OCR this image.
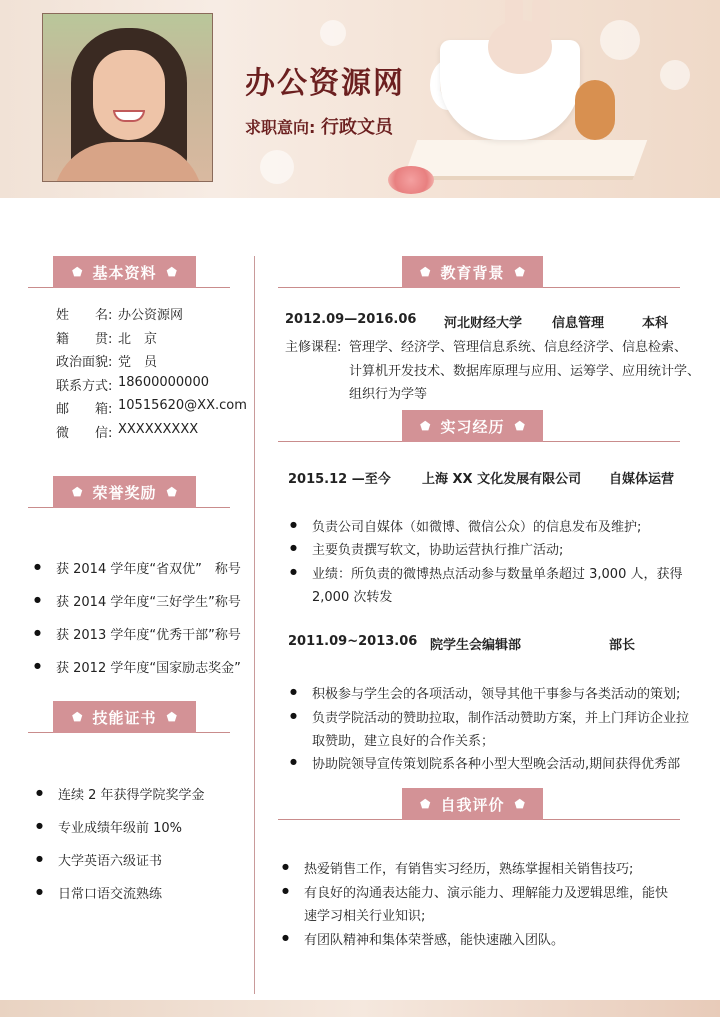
办公资源网
求职意向: 行政文员
⬟ 基本资料 ⬟
姓　　名: 办公资源网
籍　　贯: 北　京
政治面貌: 党　员
联系方式: 18600000000
邮　　箱: 10515620@XX.com
微　　信: XXXXXXXXX
⬟ 荣誉奖励 ⬟
● 获 2014 学年度“省双优”　称号
● 获 2014 学年度“三好学生”称号
● 获 2013 学年度“优秀干部”称号
● 获 2012 学年度“国家励志奖金”
⬟ 技能证书 ⬟
● 连续 2 年获得学院奖学金
● 专业成绩年级前 10%
● 大学英语六级证书
● 日常口语交流熟练
⬟ 教育背景 ⬟
2012.09—2016.06 河北财经大学 信息管理	本科
主修课程: 管理学、经济学、管理信息系统、信息经济学、信息检索、
计算机开发技术、数据库原理与应用、运筹学、应用统计学、
组织行为学等
⬟ 实习经历 ⬟
2015.12 —至今 上海 XX 文化发展有限公司 自媒体运营
● 负责公司自媒体（如微博、微信公众）的信息发布及维护;
● 主要负责撰写软文，协助运营执行推广活动;
● 业绩：所负责的微博热点活动参与数量单条超过 3,000 人，获得
2,000 次转发
2011.09~2013.06 院学生会编辑部	部长
● 积极参与学生会的各项活动，领导其他干事参与各类活动的策划;
● 负责学院活动的赞助拉取，制作活动赞助方案，并上门拜访企业拉
取赞助，建立良好的合作关系；
● 协助院领导宣传策划院系各种小型大型晚会活动,期间获得优秀部
⬟ 自我评价 ⬟
● 热爱销售工作，有销售实习经历，熟练掌握相关销售技巧;
● 有良好的沟通表达能力、演示能力、理解能力及逻辑思维，能快
速学习相关行业知识;
● 有团队精神和集体荣誉感，能快速融入团队。
